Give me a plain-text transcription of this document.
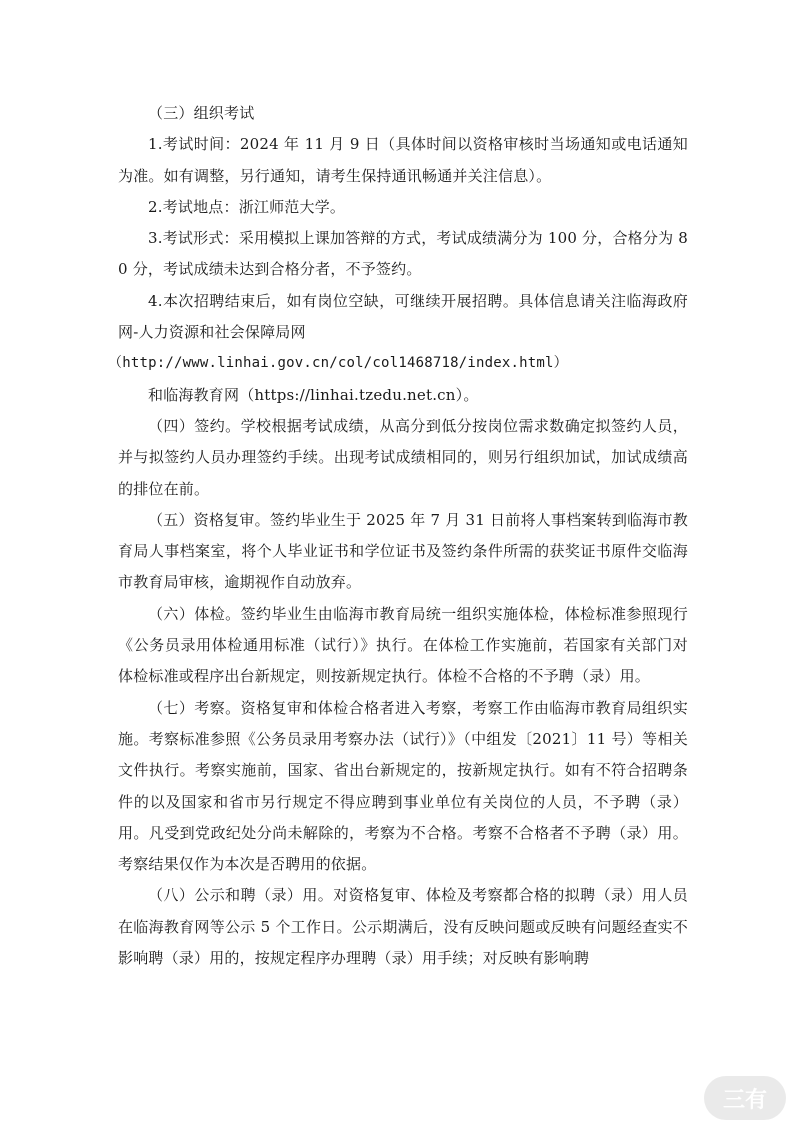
（三）组织考试

1.考试时间：2024 年 11 月 9 日（具体时间以资格审核时当场通知或电话通知为准。如有调整，另行通知，请考生保持通讯畅通并关注信息）。

2.考试地点：浙江师范大学。

3.考试形式：采用模拟上课加答辩的方式，考试成绩满分为 100 分，合格分为 80 分，考试成绩未达到合格分者，不予签约。

4.本次招聘结束后，如有岗位空缺，可继续开展招聘。具体信息请关注临海政府网-人力资源和社会保障局网

（http://www.linhai.gov.cn/col/col1468718/index.html）

和临海教育网（https://linhai.tzedu.net.cn）。

（四）签约。学校根据考试成绩，从高分到低分按岗位需求数确定拟签约人员，并与拟签约人员办理签约手续。出现考试成绩相同的，则另行组织加试，加试成绩高的排位在前。

（五）资格复审。签约毕业生于 2025 年 7 月 31 日前将人事档案转到临海市教育局人事档案室，将个人毕业证书和学位证书及签约条件所需的获奖证书原件交临海市教育局审核，逾期视作自动放弃。

（六）体检。签约毕业生由临海市教育局统一组织实施体检，体检标准参照现行《公务员录用体检通用标准（试行）》执行。在体检工作实施前，若国家有关部门对体检标准或程序出台新规定，则按新规定执行。体检不合格的不予聘（录）用。

（七）考察。资格复审和体检合格者进入考察，考察工作由临海市教育局组织实施。考察标准参照《公务员录用考察办法（试行）》（中组发〔2021〕11 号）等相关文件执行。考察实施前，国家、省出台新规定的，按新规定执行。如有不符合招聘条件的以及国家和省市另行规定不得应聘到事业单位有关岗位的人员，不予聘（录）用。凡受到党政纪处分尚未解除的，考察为不合格。考察不合格者不予聘（录）用。考察结果仅作为本次是否聘用的依据。

（八）公示和聘（录）用。对资格复审、体检及考察都合格的拟聘（录）用人员在临海教育网等公示 5 个工作日。公示期满后，没有反映问题或反映有问题经查实不影响聘（录）用的，按规定程序办理聘（录）用手续；对反映有影响聘

三有
